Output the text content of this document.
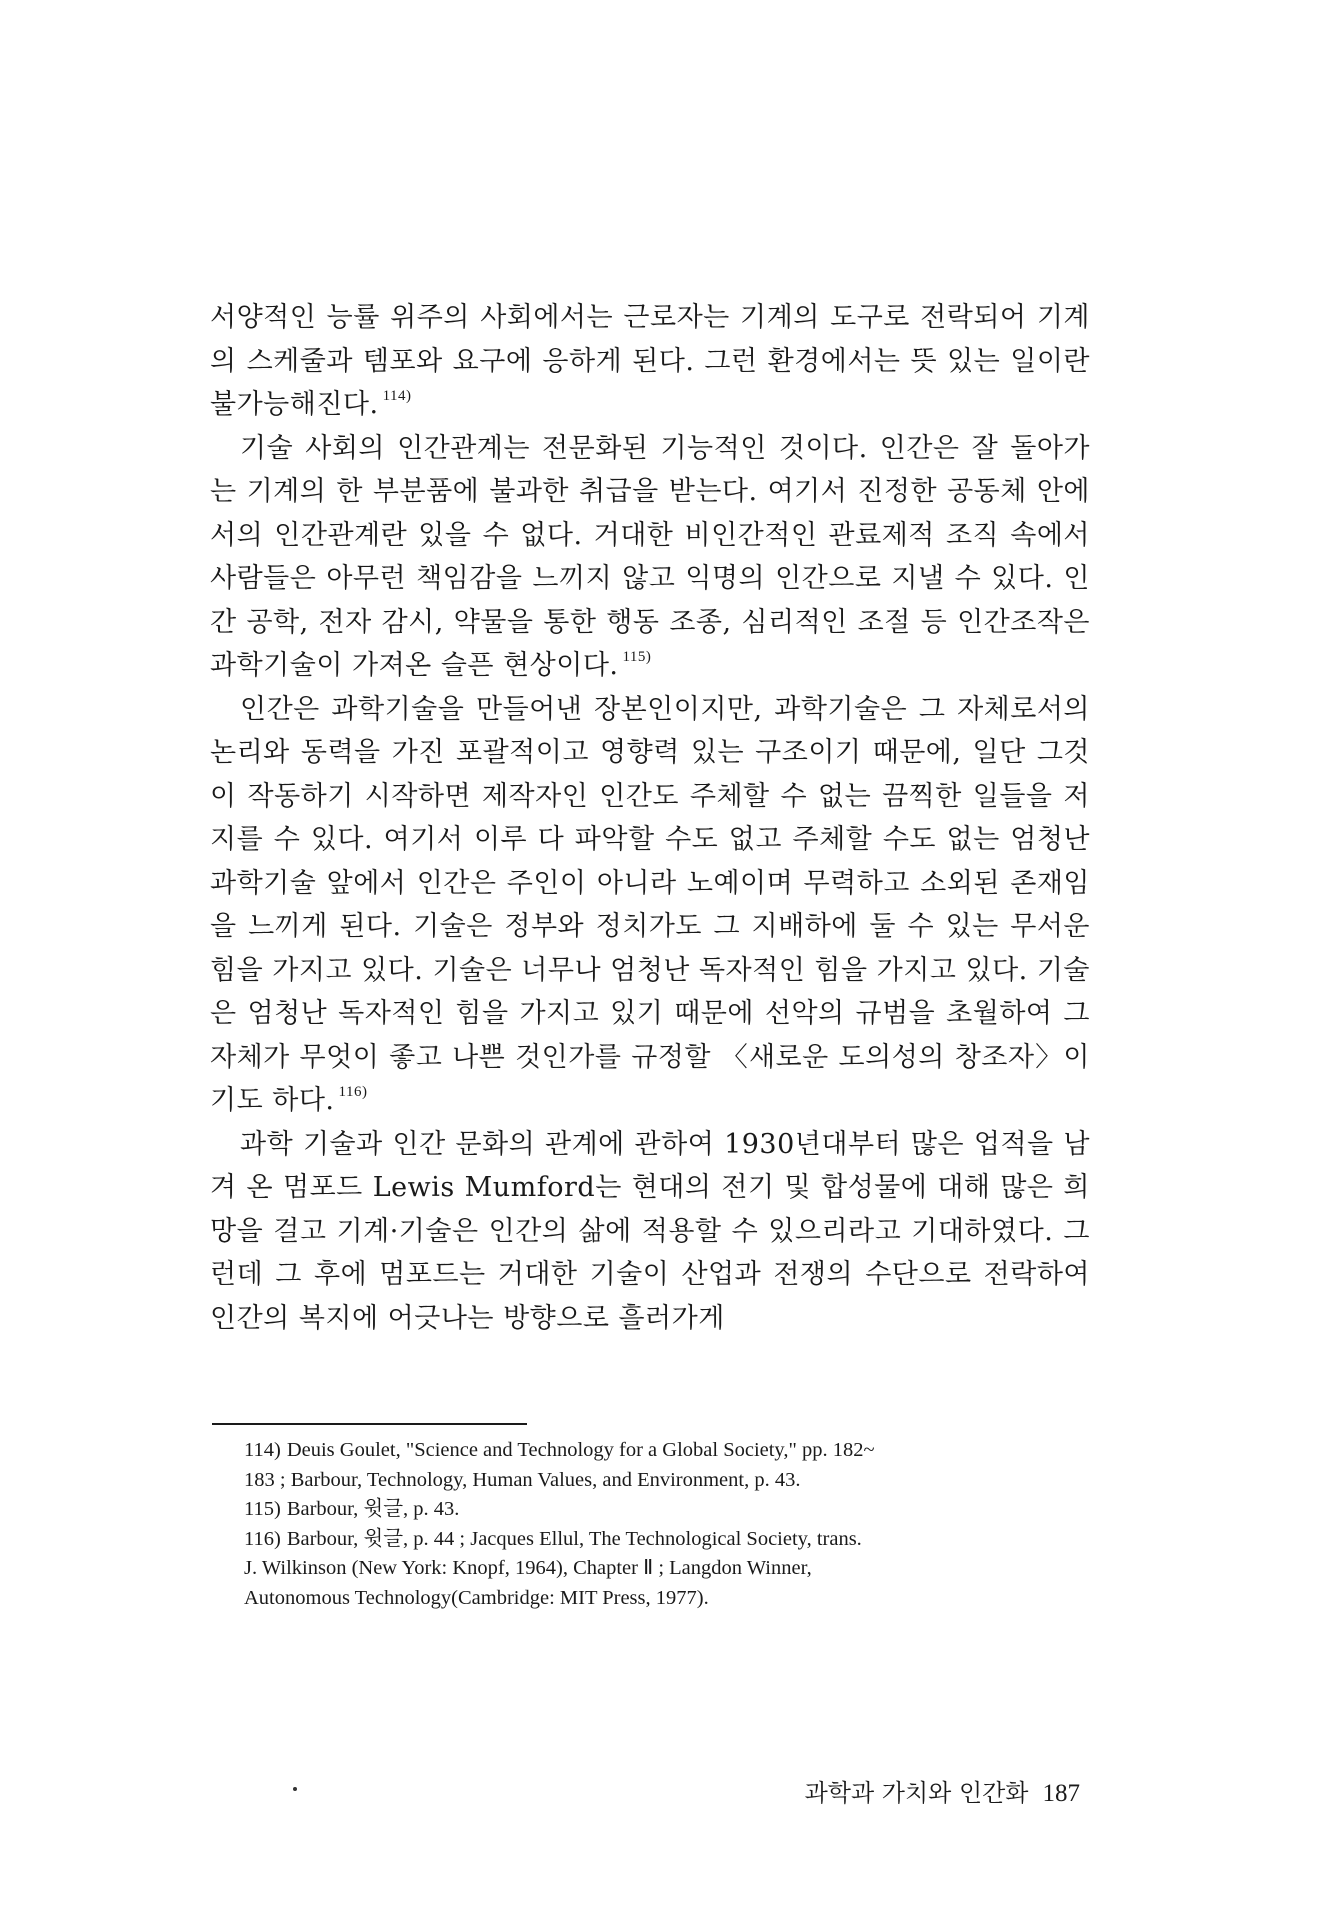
서양적인 능률 위주의 사회에서는 근로자는 기계의 도구로 전락되어 기계의 스케줄과 템포와 요구에 응하게 된다. 그런 환경에서는 뜻 있는 일이란 불가능해진다. $^{114)}$

기술 사회의 인간관계는 전문화된 기능적인 것이다. 인간은 잘 돌아가는 기계의 한 부분품에 불과한 취급을 받는다. 여기서 진정한 공동체 안에서의 인간관계란 있을 수 없다. 거대한 비인간적인 관료제적 조직 속에서 사람들은 아무런 책임감을 느끼지 않고 익명의 인간으로 지낼 수 있다. 인간 공학, 전자 감시, 약물을 통한 행동 조종, 심리적인 조절 등 인간조작은 과학기술이 가져온 슬픈 현상이다. $^{115)}$

인간은 과학기술을 만들어낸 장본인이지만, 과학기술은 그 자체로서의 논리와 동력을 가진 포괄적이고 영향력 있는 구조이기 때문에, 일단 그것이 작동하기 시작하면 제작자인 인간도 주체할 수 없는 끔찍한 일들을 저지를 수 있다. 여기서 이루 다 파악할 수도 없고 주체할 수도 없는 엄청난 과학기술 앞에서 인간은 주인이 아니라 노예이며 무력하고 소외된 존재임을 느끼게 된다. 기술은 정부와 정치가도 그 지배하에 둘 수 있는 무서운 힘을 가지고 있다. 기술은 너무나 엄청난 독자적인 힘을 가지고 있다. 기술은 엄청난 독자적인 힘을 가지고 있기 때문에 선악의 규범을 초월하여 그 자체가 무엇이 좋고 나쁜 것인가를 규정할 〈새로운 도의성의 창조자〉이기도 하다. $^{116)}$

과학 기술과 인간 문화의 관계에 관하여 1930년대부터 많은 업적을 남겨 온 멈포드 Lewis Mumford는 현대의 전기 및 합성물에 대해 많은 희망을 걸고 기계·기술은 인간의 삶에 적용할 수 있으리라고 기대하였다. 그런데 그 후에 멈포드는 거대한 기술이 산업과 전쟁의 수단으로 전락하여 인간의 복지에 어긋나는 방향으로 흘러가게

114) Deuis Goulet, "Science and Technology for a Global Society," pp. 182~
183 ; Barbour, Technology, Human Values, and Environment, p. 43.
115) Barbour, 윗글, p. 43.
116) Barbour, 윗글, p. 44 ; Jacques Ellul, The Technological Society, trans.
J. Wilkinson (New York: Knopf, 1964), Chapter Ⅱ ; Langdon Winner,
Autonomous Technology(Cambridge: MIT Press, 1977).
과학과 가치와 인간화 187
